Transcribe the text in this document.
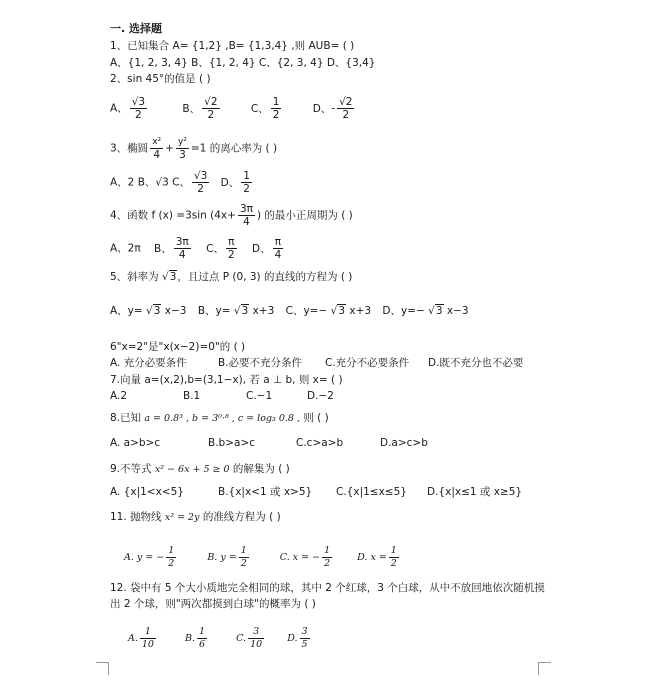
一. 选择题
1、已知集合 A= {1,2} ,B= {1,3,4} ,则 AUB= ( )
A、{1, 2, 3, 4} B、{1, 2, 4} C、{2, 3, 4} D、{3,4}
2、sin 45°的值是 ( )
A、 $\frac{√3}{2}$	B、 $\frac{√2}{2}$	C、 $\frac{1}{2}$	D、- $\frac{√2}{2}$
3、椭圆 $\frac{\text{x²}}{4} + \frac{\text{y²}}{3} =1$ 的离心率为 ( )
A、2 B、√3 C、 $\frac{√3}{2}$ D、 $\frac{1}{2}$
4、函数 f (x) =3sin ($4x+ \frac{3\pi}{4}$ ) 的最小正周期为 ( )
A、2π B、 $\frac{3\pi}{4}$ C、 $\frac{\pi}{2}$ D、 $\frac{\pi}{4}$
5、斜率为 √3，且过点 P (0, 3) 的直线的方程为 ( )
A、y= √3 x−3 B、y= √3 x+3 C、y=− √3 x+3 D、y=− √3 x−3
6"x=2"是"x(x−2)=0"的 ( )
A. 充分必要条件	B.必要不充分条件 C.充分不必要条件 D.既不充分也不必要
7.向量 a=(x,2),b=(3,1−x), 若 a ⊥ b, 则 x= ( )
A.2	B.1	C.−1	D.−2
8.已知 a = 0.8³ , b = 3⁰·⁸ , c = log₃ 0.8 , 则 ( )
A. a>b>c	B.b>a>c	C.c>a>b	D.a>c>b
9.不等式 x² − 6x + 5 ≥ 0 的解集为 ( )
A. {x|1<x<5}	B.{x|x<1 或 x>5} C.{x|1≤x≤5} D.{x|x≤1 或 x≥5}
11. 抛物线 x² = 2y 的准线方程为 ( )
A. y = − $\frac{1}{2}$	B. $y = \frac{1}{2}$	C. x = − $\frac{1}{2}$	D. $x = \frac{1}{2}$
12. 袋中有 5 个大小质地完全相同的球，其中 2 个红球，3 个白球，从中不放回地依次随机摸
出 2 个球，则"两次都摸到白球"的概率为 ( )
A. $\frac{1}{10}$	B. $\frac{1}{6}$	C. $\frac{3}{10} D$. $\frac{3}{5}$
